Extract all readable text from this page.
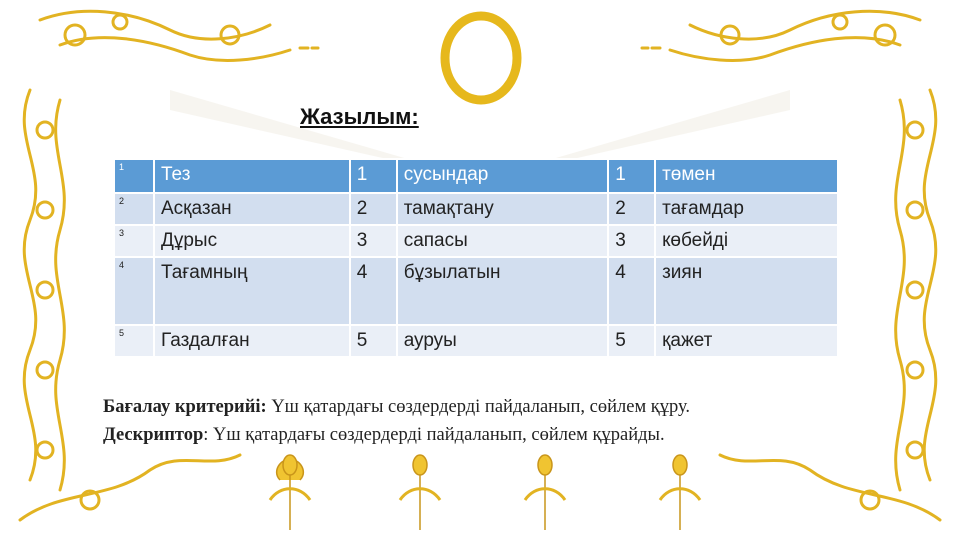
Жазылым:
1	Тез	1	сусындар	1	төмен
2	Асқазан	2	тамақтану	2	тағамдар
3	Дұрыс	3	сапасы	3	көбейді
4	Тағамның	4	бұзылатын	4	зиян
5	Газдалған	5	ауруы	5	қажет
Бағалау критерийі: Үш қатардағы сөздердерді пайдаланып, сөйлем құру.
Дескриптор: Үш қатардағы сөздердерді пайдаланып, сөйлем құрайды.
